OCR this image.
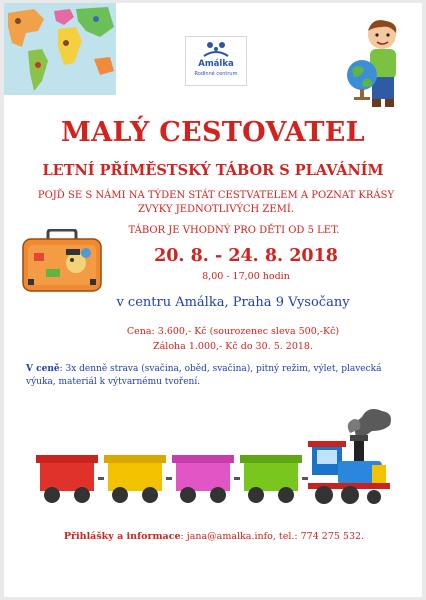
Amálka
Rodinné centrum
MALÝ CESTOVATEL
LETNÍ PŘÍMĚSTSKÝ TÁBOR S PLAVÁNÍM
POJĎ SE S NÁMI NA TÝDEN STÁT CESTVATELEM A POZNAT KRÁSY ZVYKY JEDNOTLIVÝCH ZEMÍ.
TÁBOR JE VHODNÝ PRO DĚTI OD 5 LET.
20. 8. - 24. 8. 2018
8,00 - 17,00 hodin
v centru Amálka, Praha 9 Vysočany
Cena: 3.600,- Kč (sourozenec sleva 500,-Kč)
Záloha 1.000,- Kč do 30. 5. 2018.
V ceně: 3x denně strava (svačina, oběd, svačina), pitný režim, výlet, plavecká výuka, materiál k výtvarnému tvoření.
Přihlášky a informace: jana@amalka.info, tel.: 774 275 532.
